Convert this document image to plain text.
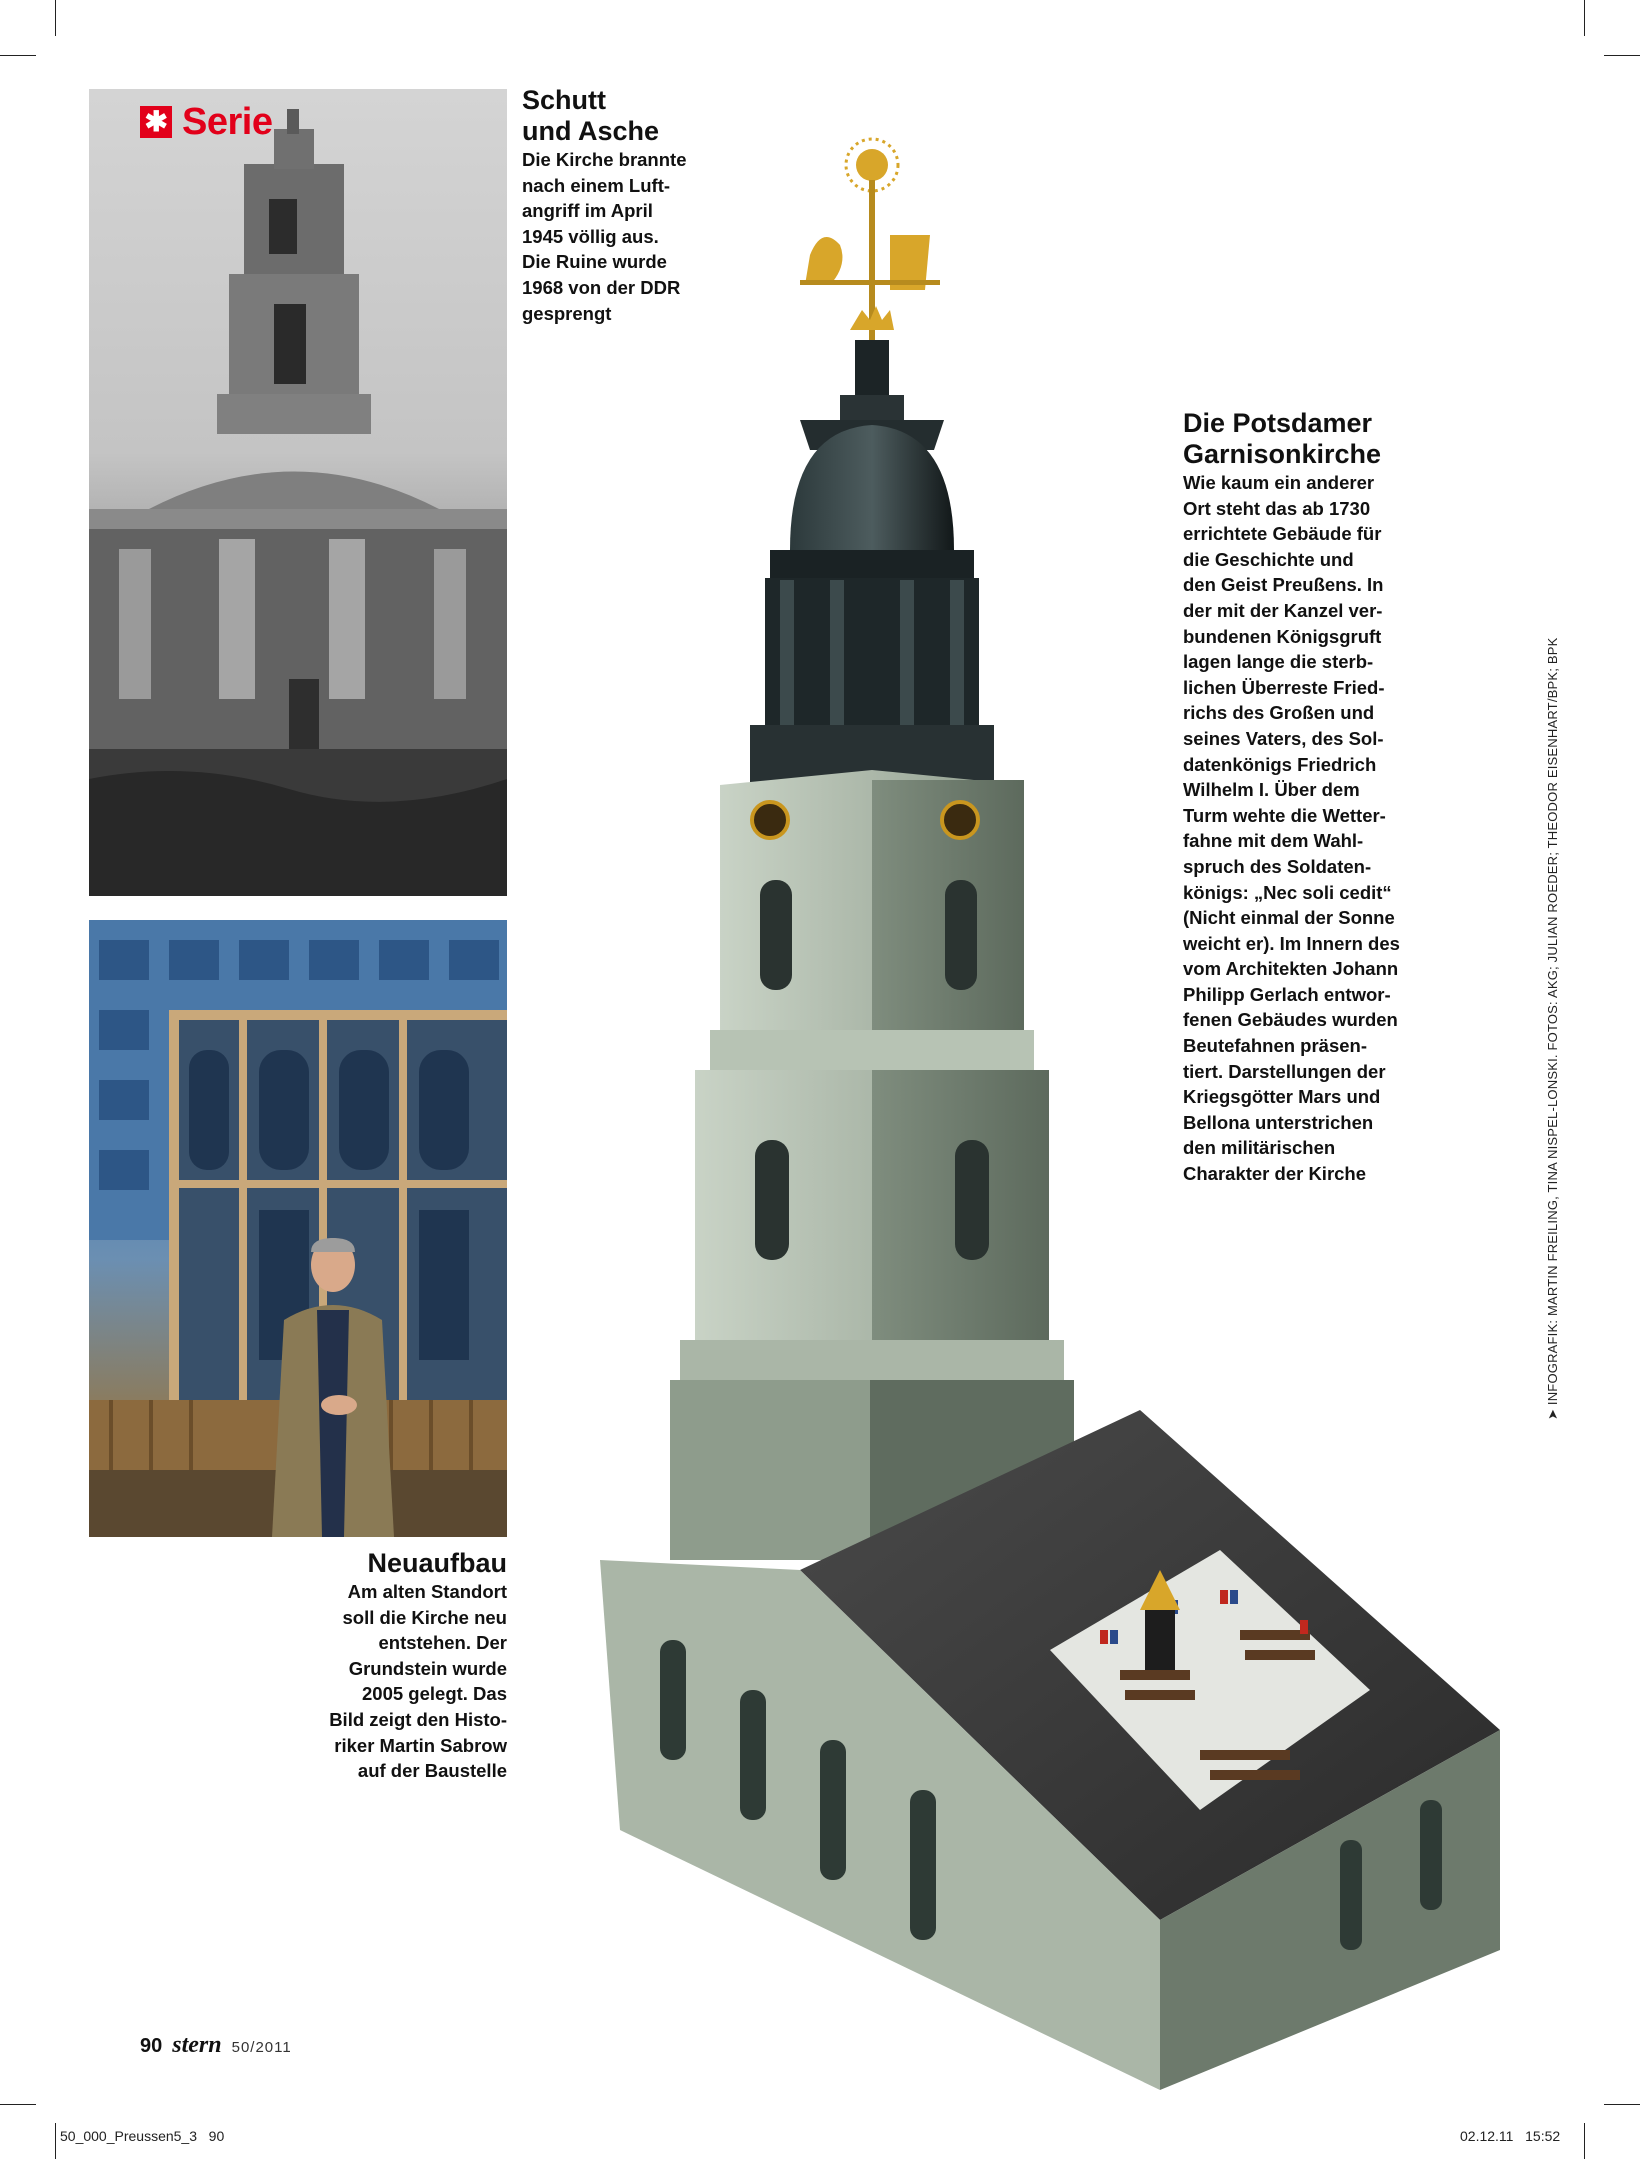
✱ Serie

Schutt
und Asche

Die Kirche brannte
nach einem Luft-
angriff im April
1945 völlig aus.
Die Ruine wurde
1968 von der DDR
gesprengt

Neuaufbau

Am alten Standort
soll die Kirche neu
entstehen. Der
Grundstein wurde
2005 gelegt. Das
Bild zeigt den Histo-
riker Martin Sabrow
auf der Baustelle

Die Potsdamer
Garnisonkirche

Wie kaum ein anderer
Ort steht das ab 1730
errichtete Gebäude für
die Geschichte und
den Geist Preußens. In
der mit der Kanzel ver-
bundenen Königsgruft
lagen lange die sterb-
lichen Überreste Fried-
richs des Großen und
seines Vaters, des Sol-
datenkönigs Friedrich
Wilhelm I. Über dem
Turm wehte die Wetter-
fahne mit dem Wahl-
spruch des Soldaten-
königs: „Nec soli cedit“
(Nicht einmal der Sonne
weicht er). Im Innern des
vom Architekten Johann
Philipp Gerlach entwor-
fenen Gebäudes wurden
Beutefahnen präsen-
tiert. Darstellungen der
Kriegsgötter Mars und
Bellona unterstrichen
den militärischen
Charakter der Kirche	➤ INFOGRAFIK: MARTIN FREILING, TINA NISPEL-LONSKI. FOTOS: AKG; JULIAN ROEDER; THEODOR EISENHART/BPK; BPK
90 stern 50/2011
50_000_Preussen5_3   90	02.12.11   15:52
